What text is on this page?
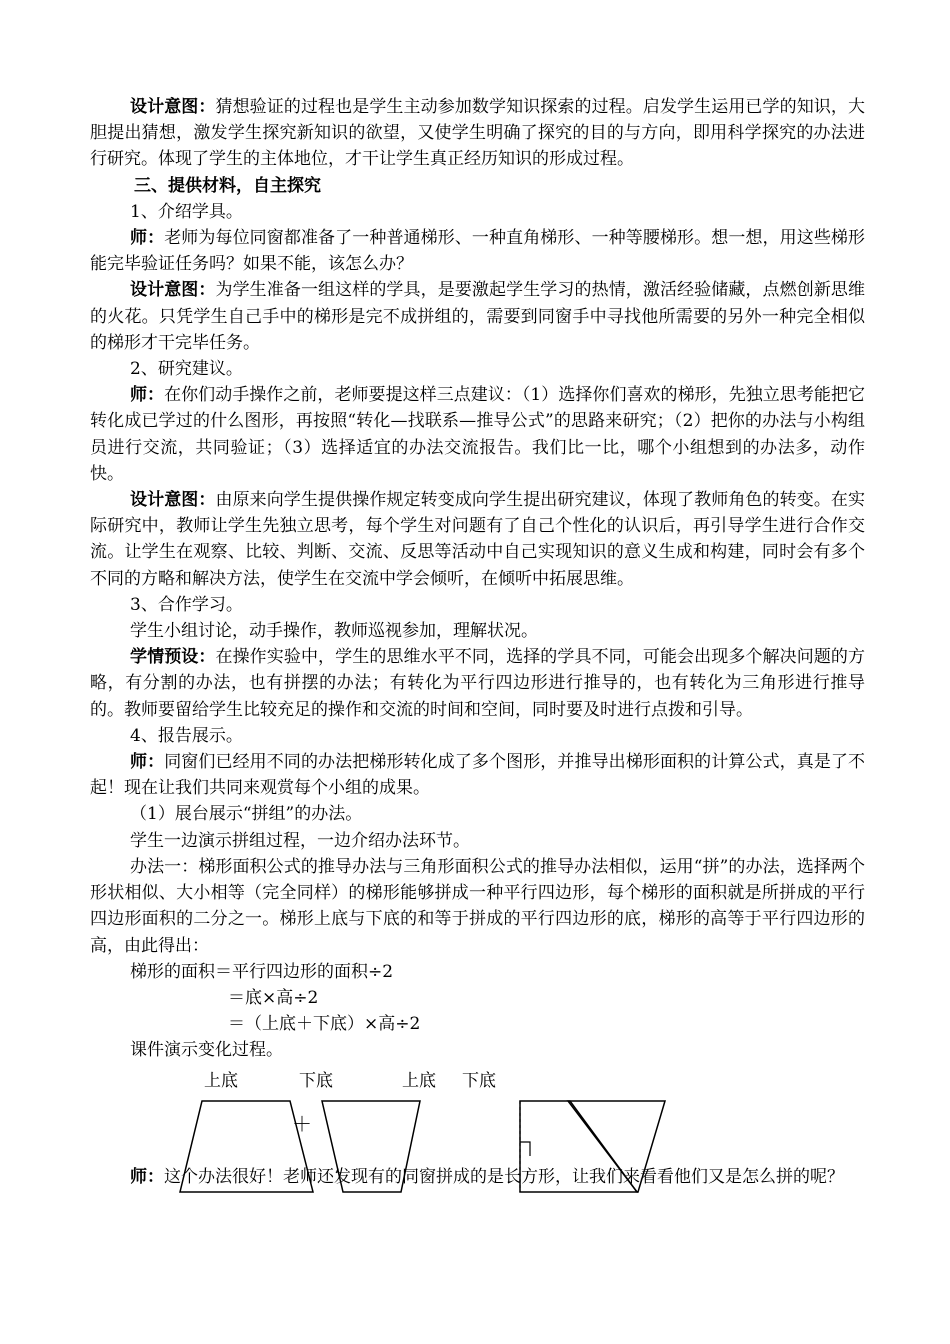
设计意图：猜想验证的过程也是学生主动参加数学知识探索的过程。启发学生运用已学的知识，大胆提出猜想，激发学生探究新知识的欲望，又使学生明确了探究的目的与方向，即用科学探究的办法进行研究。体现了学生的主体地位，才干让学生真正经历知识的形成过程。

三、提供材料，自主探究

1、介绍学具。

师：老师为每位同窗都准备了一种普通梯形、一种直角梯形、一种等腰梯形。想一想，用这些梯形能完毕验证任务吗？如果不能，该怎么办？

设计意图：为学生准备一组这样的学具，是要激起学生学习的热情，激活经验储藏，点燃创新思维的火花。只凭学生自己手中的梯形是完不成拼组的，需要到同窗手中寻找他所需要的另外一种完全相似的梯形才干完毕任务。

2、研究建议。

师：在你们动手操作之前，老师要提这样三点建议：（1）选择你们喜欢的梯形，先独立思考能把它转化成已学过的什么图形，再按照“转化—找联系—推导公式”的思路来研究；（2）把你的办法与小构组员进行交流，共同验证；（3）选择适宜的办法交流报告。我们比一比，哪个小组想到的办法多，动作快。

设计意图：由原来向学生提供操作规定转变成向学生提出研究建议，体现了教师角色的转变。在实际研究中，教师让学生先独立思考，每个学生对问题有了自己个性化的认识后，再引导学生进行合作交流。让学生在观察、比较、判断、交流、反思等活动中自己实现知识的意义生成和构建，同时会有多个不同的方略和解决方法，使学生在交流中学会倾听，在倾听中拓展思维。

3、合作学习。

学生小组讨论，动手操作，教师巡视参加，理解状况。

学情预设：在操作实验中，学生的思维水平不同，选择的学具不同，可能会出现多个解决问题的方略，有分割的办法，也有拼摆的办法；有转化为平行四边形进行推导的，也有转化为三角形进行推导的。教师要留给学生比较充足的操作和交流的时间和空间，同时要及时进行点拨和引导。

4、报告展示。

师：同窗们已经用不同的办法把梯形转化成了多个图形，并推导出梯形面积的计算公式，真是了不起！现在让我们共同来观赏每个小组的成果。

（1）展台展示“拼组”的办法。

学生一边演示拼组过程，一边介绍办法环节。

办法一：梯形面积公式的推导办法与三角形面积公式的推导办法相似，运用“拼”的办法，选择两个形状相似、大小相等（完全同样）的梯形能够拼成一种平行四边形，每个梯形的面积就是所拼成的平行四边形面积的二分之一。梯形上底与下底的和等于拼成的平行四边形的底，梯形的高等于平行四边形的高，由此得出：

梯形的面积＝平行四边形的面积÷2

＝底×高÷2

＝（上底＋下底）×高÷2

课件演示变化过程。

上底	下底	上底 下底
＋

师：这个办法很好！老师还发现有的同窗拼成的是长方形，让我们来看看他们又是怎么拼的呢？
